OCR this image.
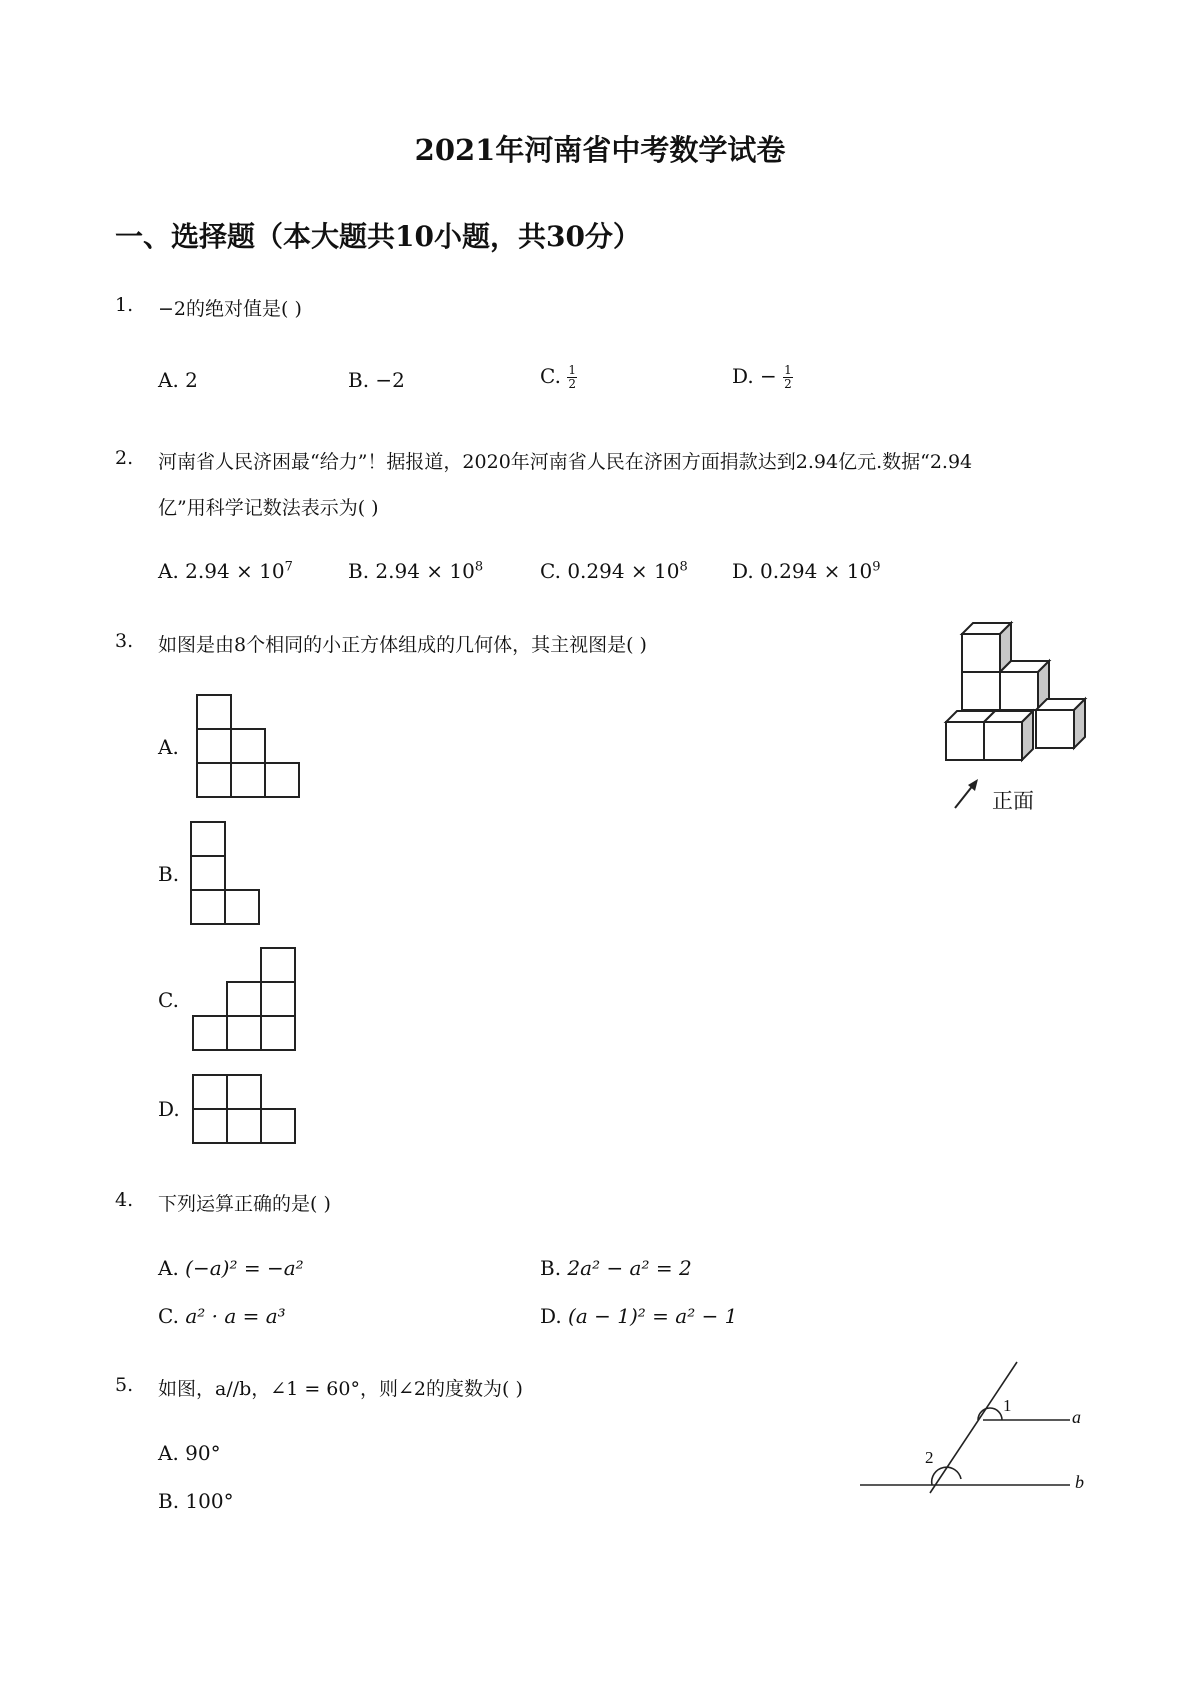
2021年河南省中考数学试卷
一、选择题（本大题共10小题，共30分）
1. −2的绝对值是( )
A. 2	B. −2	C. $\frac{1}{2}$	D. − $\frac{1}{2}$
2. 河南省人民济困最“给力”！据报道，2020年河南省人民在济困方面捐款达到2.94亿元.数据“2.94
亿”用科学记数法表示为( )
A. $2.94 \times 10^7$	B. $2.94 \times 10^8$	C. $0.294 \times 10^8$ D. $0.294 \times 10^9$
3. 如图是由8个相同的小正方体组成的几何体，其主视图是( )
正面
A.
B.
C.
D.
4. 下列运算正确的是( )
A. (−a)² = −a²	B. 2a² − a² = 2
C. a² · a = a³	D. (a − 1)² = a² − 1
5. 如图，a//b，∠1 = 60°，则∠2的度数为( )
A. 90°
B. 100°
1
2
a
b
